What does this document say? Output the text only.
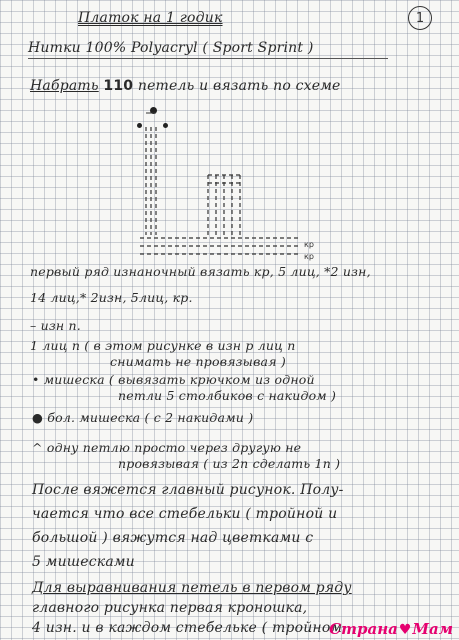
Платок на 1 годик	1
Нитки 100% Polyacryl ( Sport Sprint )
Набрать 110 петель и вязать по схеме
кр
кр
первый ряд изнаночный вязать кр, 5 лиц, *2 изн,
14 лиц,* 2изн, 5лиц, кр.
– изн п.
1 лиц п ( в этом рисунке в изн р лиц п
снимать не провязывая )
• мишеска ( вывязать крючком из одной
петли 5 столбиков с накидом )
● бол. мишеска ( с 2 накидами )
^ одну петлю просто через другую не
провязывая ( из 2п сделать 1п )
После вяжется главный рисунок. Полу-
чается что все стебельки ( тройной и
большой ) вяжутся над цветками с
5 мишесками
Для выравнивания петель в первом ряду
главного рисунка первая кроношка,
4 изн. и в каждом стебельке ( тройном
Страна♥Мам
